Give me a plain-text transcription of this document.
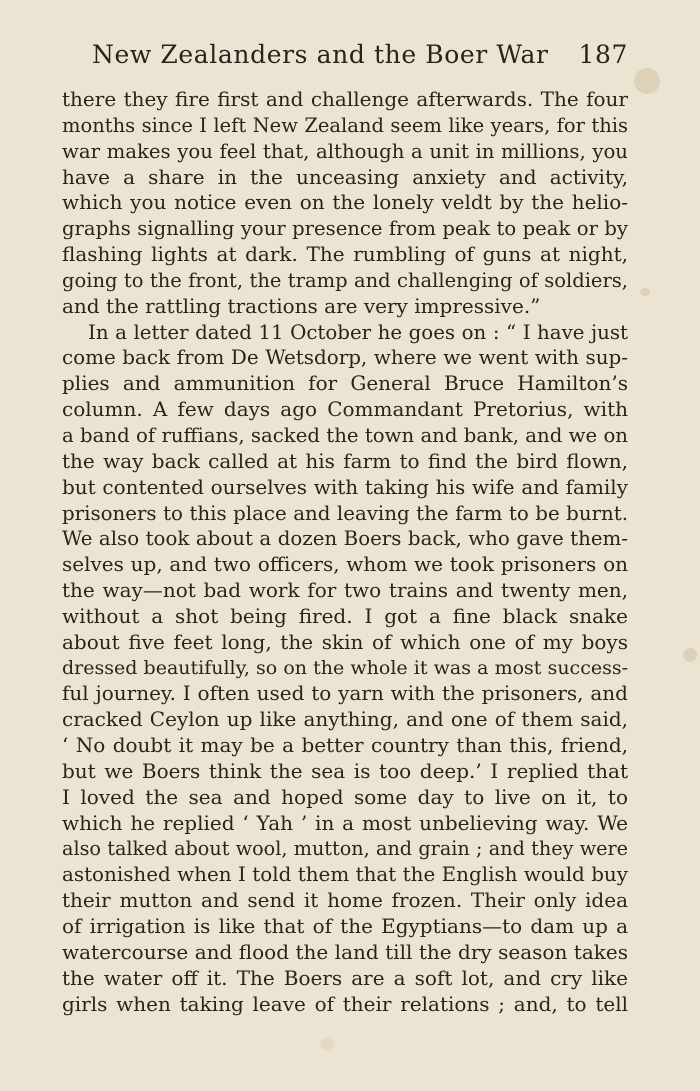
New Zealanders and the Boer War 187
there they fire first and challenge afterwards. The four
months since I left New Zealand seem like years, for this
war makes you feel that, although a unit in millions, you
have a share in the unceasing anxiety and activity,
which you notice even on the lonely veldt by the helio-
graphs signalling your presence from peak to peak or by
flashing lights at dark. The rumbling of guns at night,
going to the front, the tramp and challenging of soldiers,
and the rattling tractions are very impressive.”
In a letter dated 11 October he goes on : “ I have just
come back from De Wetsdorp, where we went with sup-
plies and ammunition for General Bruce Hamilton’s
column. A few days ago Commandant Pretorius, with
a band of ruffians, sacked the town and bank, and we on
the way back called at his farm to find the bird flown,
but contented ourselves with taking his wife and family
prisoners to this place and leaving the farm to be burnt.
We also took about a dozen Boers back, who gave them-
selves up, and two officers, whom we took prisoners on
the way—not bad work for two trains and twenty men,
without a shot being fired. I got a fine black snake
about five feet long, the skin of which one of my boys
dressed beautifully, so on the whole it was a most success-
ful journey. I often used to yarn with the prisoners, and
cracked Ceylon up like anything, and one of them said,
‘ No doubt it may be a better country than this, friend,
but we Boers think the sea is too deep.’ I replied that
I loved the sea and hoped some day to live on it, to
which he replied ‘ Yah ’ in a most unbelieving way. We
also talked about wool, mutton, and grain ; and they were
astonished when I told them that the English would buy
their mutton and send it home frozen. Their only idea
of irrigation is like that of the Egyptians—to dam up a
watercourse and flood the land till the dry season takes
the water off it. The Boers are a soft lot, and cry like
girls when taking leave of their relations ; and, to tell
